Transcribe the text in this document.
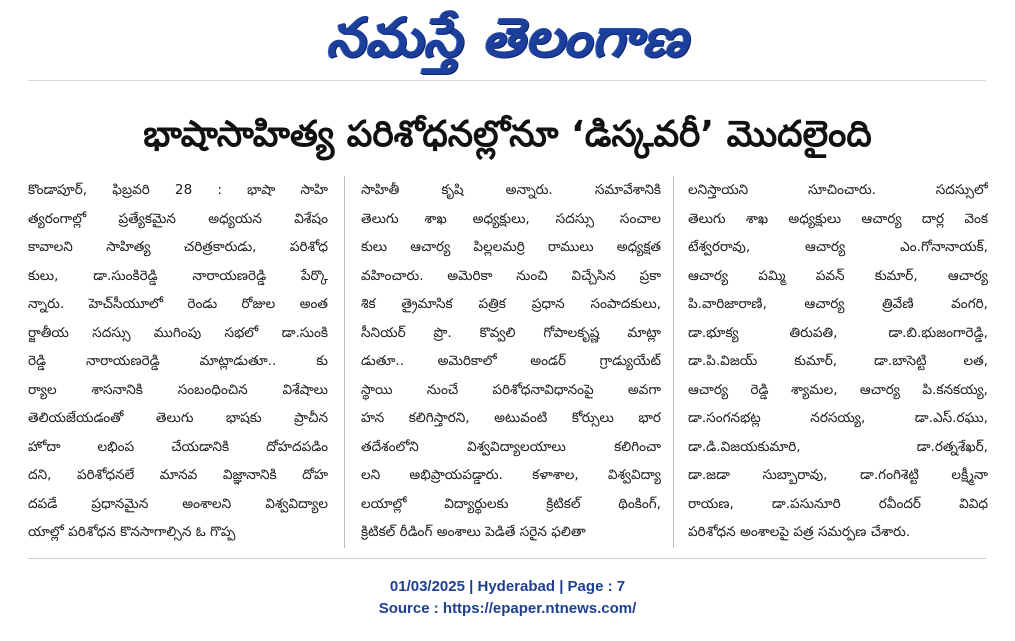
నమస్తే తెలంగాణ
భాషాసాహిత్య పరిశోధనల్లోనూ ‘డిస్కవరీ’ మొదలైంది
కొండాపూర్, ఫిబ్రవరి 28 : భాషా సాహి
త్యరంగాల్లో ప్రత్యేకమైన అధ్యయన విశేషం
కావాలని సాహిత్య చరిత్రకారుడు, పరిశోధ
కులు, డా.సుంకిరెడ్డి నారాయణరెడ్డి పేర్కొ
న్నారు. హెచ్‌సీయూలో రెండు రోజుల అంత
ర్జాతీయ సదస్సు ముగింపు సభలో డా.సుంకి
రెడ్డి నారాయణరెడ్డి మాట్లాడుతూ.. కు
ర్యాల శాసనానికి సంబంధించిన విశేషాలు
తెలియజేయడంతో తెలుగు భాషకు ప్రాచీన
హోదా లభింప చేయడానికి దోహదపడిం
దని, పరిశోధనలే మానవ విజ్ఞానానికి దోహ
దపడే ప్రధానమైన అంశాలని విశ్వవిద్యాల
యాల్లో పరిశోధన కొనసాగాల్సిన ఓ గొప్ప
సాహితీ కృషి అన్నారు. సమావేశానికి
తెలుగు శాఖ అధ్యక్షులు, సదస్సు సంచాల
కులు ఆచార్య పిల్లలమర్రి రాములు అధ్యక్షత
వహించారు. అమెరికా నుంచి విచ్చేసిన ప్రకా
శిక త్రైమాసిక పత్రిక ప్రధాన సంపాదకులు,
సీనియర్ ప్రొ. కొవ్వలి గోపాలకృష్ణ మాట్లా
డుతూ.. అమెరికాలో అండర్ గ్రాడ్యుయేట్
స్థాయి నుంచే పరిశోధనావిధానంపై అవగా
హన కలిగిస్తారని, అటువంటి కోర్సులు భార
తదేశంలోని విశ్వవిద్యాలయాలు కలిగించా
లని అభిప్రాయపడ్డారు. కళాశాల, విశ్వవిద్యా
లయాల్లో విద్యార్థులకు క్రిటికల్ థింకింగ్,
క్రిటికల్ రీడింగ్ అంశాలు పెడితే సరైన ఫలితా
లనిస్తాయని సూచించారు. సదస్సులో
తెలుగు శాఖ అధ్యక్షులు ఆచార్య దార్ల వెంక
టేశ్వరరావు, ఆచార్య ఎం.గోనానాయక్,
ఆచార్య పమ్మి పవన్ కుమార్, ఆచార్య
పి.వారిజారాణి, ఆచార్య త్రివేణి వంగరి,
డా.భూక్య తిరుపతి, డా.బి.భుజంగారెడ్డి,
డా.పి.విజయ్ కుమార్, డా.బాసెట్టి లత,
ఆచార్య రెడ్డి శ్యామల, ఆచార్య పి.కనకయ్య,
డా.సంగనభట్ల నరసయ్య, డా.ఎస్.రఘు,
డా.డి.విజయకుమారి, డా.రత్నశేఖర్,
డా.జడా సుబ్బారావు, డా.గంగిశెట్టి లక్ష్మీనా
రాయణ, డా.పసునూరి రవీందర్ వివిధ
పరిశోధన అంశాలపై పత్ర సమర్పణ చేశారు.
01/03/2025 | Hyderabad | Page : 7
Source : https://epaper.ntnews.com/
